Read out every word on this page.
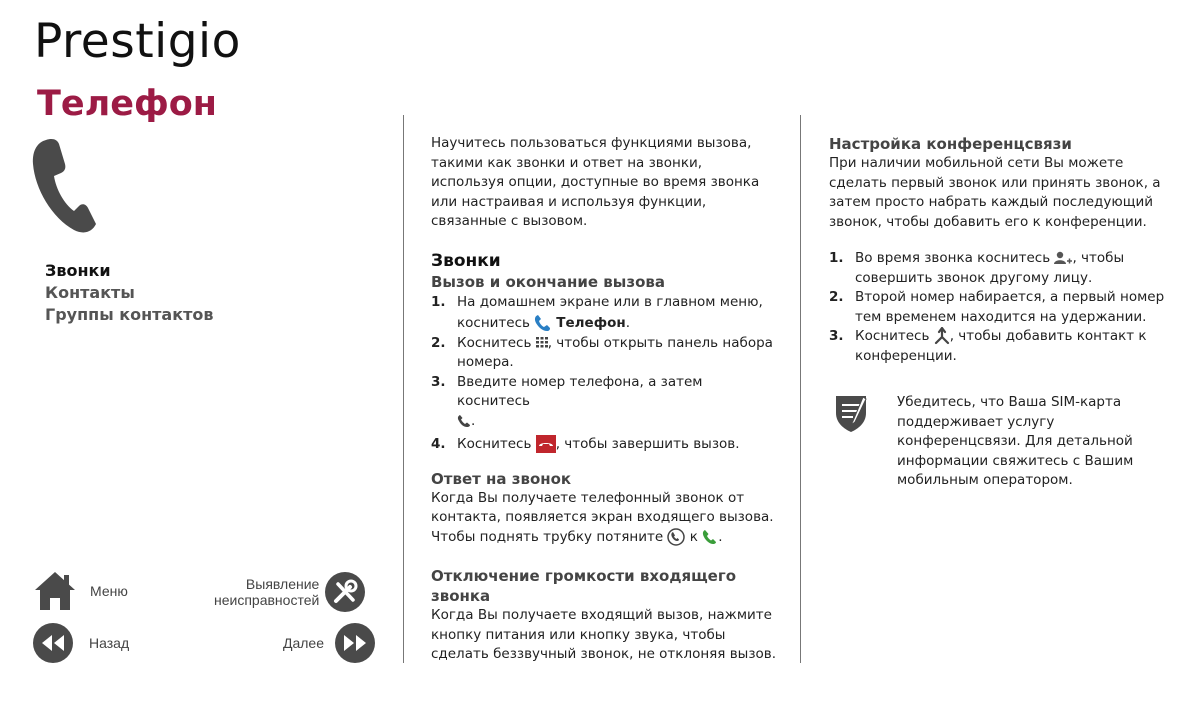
Prestigio
Телефон
Звонки
Контакты
Группы контактов
Меню
Назад
Выявление
неисправностей
Далее

Научитесь пользоваться функциями вызова, такими как звонки и ответ на звонки, используя опции, доступные во время звонка или настраивая и используя функции, связанные с вызовом.

Звонки
Вызов и окончание вызова
1. На домашнем экране или в главном меню, коснитесь Телефон.
2. Коснитесь , чтобы открыть панель набора номера.
3. Введите номер телефона, а затем коснитесь
.
4. Коснитесь , чтобы завершить вызов.
Ответ на звонок

Когда Вы получаете телефонный звонок от контакта, появляется экран входящего вызова.

Чтобы поднять трубку потяните  к .

Отключение громкости входящего звонка

Когда Вы получаете входящий вызов, нажмите кнопку питания или кнопку звука, чтобы сделать беззвучный звонок, не отклоняя вызов.

Настройка конференцсвязи

При наличии мобильной сети Вы можете сделать первый звонок или принять звонок, а затем просто набрать каждый последующий звонок, чтобы добавить его к конференции.

1. Во время звонка коснитесь , чтобы совершить звонок другому лицу.
2. Второй номер набирается, а первый номер тем временем находится на удержании.
3. Коснитесь , чтобы добавить контакт к конференции.

Убедитесь, что Ваша SIM-карта поддерживает услугу конференцсвязи. Для детальной информации свяжитесь с Вашим мобильным оператором.
